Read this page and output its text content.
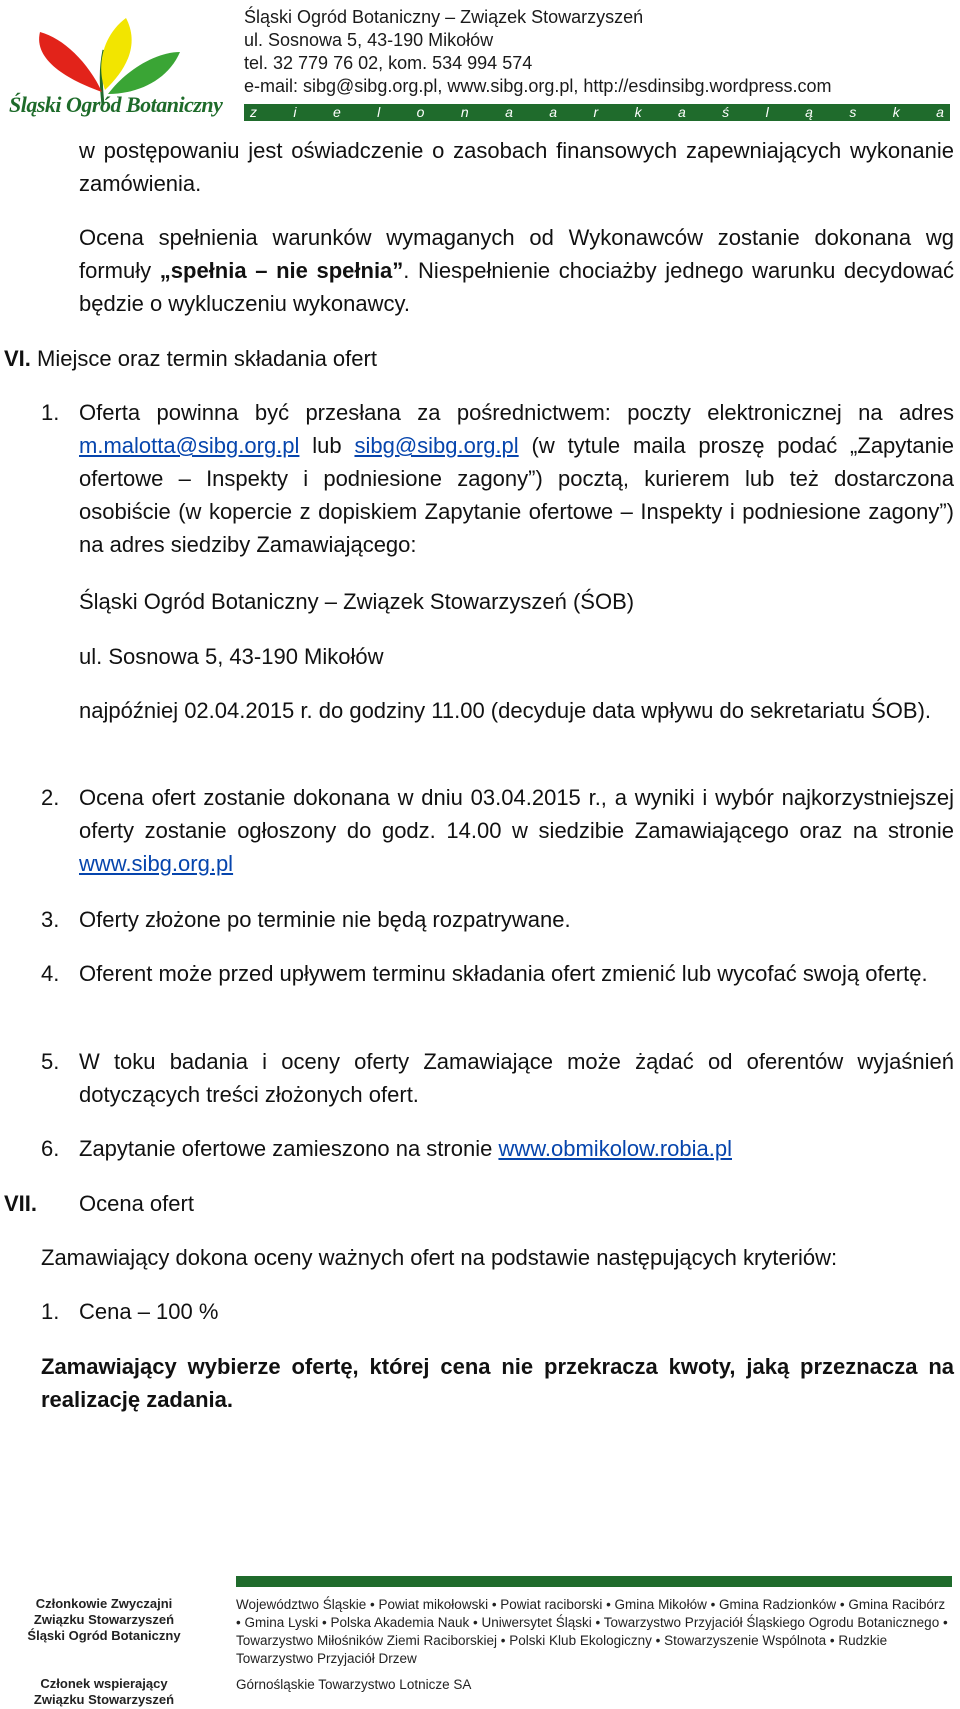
Śląski Ogród Botaniczny
Śląski Ogród Botaniczny – Związek Stowarzyszeń
ul. Sosnowa 5, 43-190 Mikołów
tel. 32 779 76 02, kom. 534 994 574
e-mail: sibg@sibg.org.pl, www.sibg.org.pl, http://esdinsibg.wordpress.com
z	i	e	l	o	n	a	a	r	k	a	ś	l	ą	s	k	a
w postępowaniu jest oświadczenie o zasobach finansowych zapewniających wykonanie zamówienia.
Ocena spełnienia warunków wymaganych od Wykonawców zostanie dokonana wg formuły „spełnia – nie spełnia”. Niespełnienie chociażby jednego warunku decydować będzie o wykluczeniu wykonawcy.
VI. Miejsce oraz termin składania ofert
1. Oferta powinna być przesłana za pośrednictwem: poczty elektronicznej na adres m.malotta@sibg.org.pl lub sibg@sibg.org.pl (w tytule maila proszę podać „Zapytanie ofertowe – Inspekty i podniesione zagony”) pocztą, kurierem lub też dostarczona osobiście (w kopercie z dopiskiem Zapytanie ofertowe – Inspekty i podniesione zagony”) na adres siedziby Zamawiającego:
Śląski Ogród Botaniczny – Związek Stowarzyszeń (ŚOB)
ul. Sosnowa 5, 43-190 Mikołów
najpóźniej 02.04.2015 r. do godziny 11.00 (decyduje data wpływu do sekretariatu ŚOB).
2. Ocena ofert zostanie dokonana w dniu 03.04.2015 r., a wyniki i wybór najkorzystniejszej oferty zostanie ogłoszony do godz. 14.00 w siedzibie Zamawiającego oraz na stronie www.sibg.org.pl
3. Oferty złożone po terminie nie będą rozpatrywane.
4. Oferent może przed upływem terminu składania ofert zmienić lub wycofać swoją ofertę.
5. W toku badania i oceny oferty Zamawiające może żądać od oferentów wyjaśnień dotyczących treści złożonych ofert.
6. Zapytanie ofertowe zamieszono na stronie www.obmikolow.robia.pl
VII. Ocena ofert
Zamawiający dokona oceny ważnych ofert na podstawie następujących kryteriów:
1. Cena – 100 %
Zamawiający wybierze ofertę, której cena nie przekracza kwoty, jaką przeznacza na realizację zadania.
Członkowie Zwyczajni
Związku Stowarzyszeń
Śląski Ogród Botaniczny
Województwo Śląskie • Powiat mikołowski • Powiat raciborski • Gmina Mikołów • Gmina Radzionków • Gmina Racibórz • Gmina Lyski • Polska Akademia Nauk • Uniwersytet Śląski • Towarzystwo Przyjaciół Śląskiego Ogrodu Botanicznego • Towarzystwo Miłośników Ziemi Raciborskiej • Polski Klub Ekologiczny • Stowarzyszenie Wspólnota • Rudzkie Towarzystwo Przyjaciół Drzew
Członek wspierający
Związku Stowarzyszeń
Górnośląskie Towarzystwo Lotnicze SA
